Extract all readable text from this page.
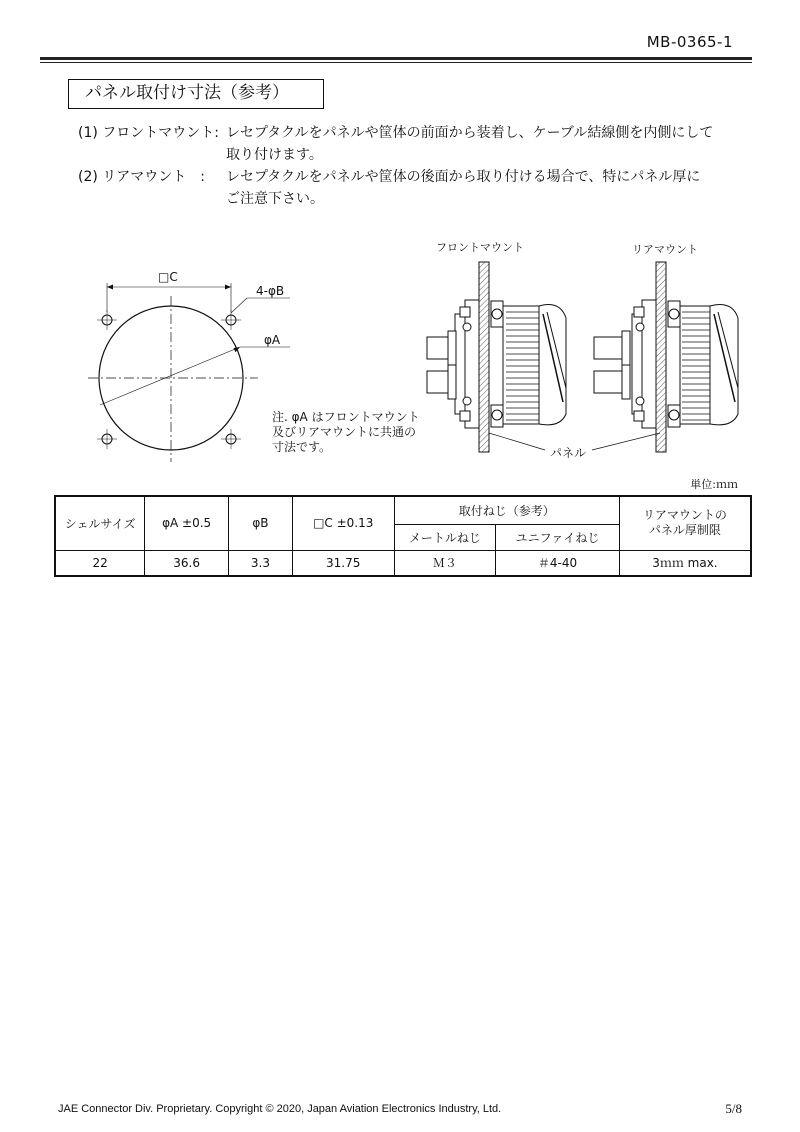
MB-0365-1
パネル取付け寸法（参考）
(1) フロントマウント: レセプタクルをパネルや筐体の前面から装着し、ケーブル結線側を内側にして
取り付けます。
(2) リアマウント　: レセプタクルをパネルや筐体の後面から取り付ける場合で、特にパネル厚に
ご注意下さい。
□C
4-φB
φA
注. φA はフロントマウント
及びリアマウントに共通の
寸法です。
フロントマウント	リアマウント
パネル
単位:ｍｍ
シェルサイズ	φA ±0.5	φB	□C ±0.13	取付ねじ（参考）		リアマウントの
パネル厚制限

				メートルねじ	ユニファイねじ	
22	36.6	3.3	31.75	Ｍ３	＃4-40	3ｍｍ max.
JAE Connector Div. Proprietary. Copyright © 2020, Japan Aviation Electronics Industry, Ltd.	5/8
